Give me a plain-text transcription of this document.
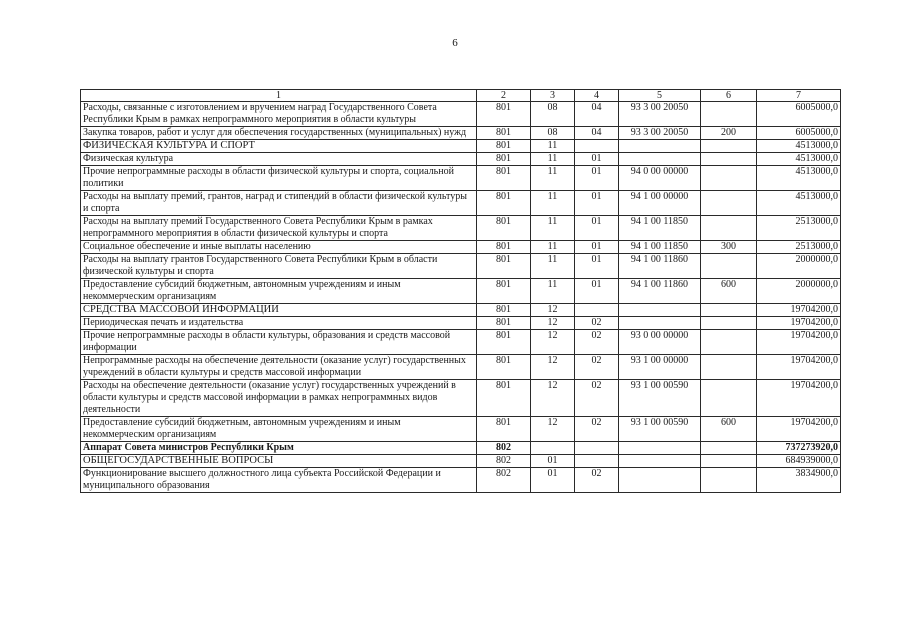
6
1	2	3	4	5	6	7
Расходы, связанные с изготовлением и вручением наград Государственного Совета Республики Крым в рамках непрограммного мероприятия в области культуры	801	08	04	93 3 00 20050		6005000,0
Закупка товаров, работ и услуг для обеспечения государственных (муниципальных) нужд	801	08	04	93 3 00 20050	200	6005000,0
ФИЗИЧЕСКАЯ КУЛЬТУРА И СПОРТ	801	11				4513000,0
Физическая культура	801	11	01			4513000,0
Прочие непрограммные расходы в области физической культуры и спорта, социальной политики	801	11	01	94 0 00 00000		4513000,0
Расходы на выплату премий, грантов, наград и стипендий в области физической культуры и спорта	801	11	01	94 1 00 00000		4513000,0
Расходы на выплату премий Государственного Совета Республики Крым в рамках непрограммного мероприятия в области физической культуры и спорта	801	11	01	94 1 00 11850		2513000,0
Социальное обеспечение и иные выплаты населению	801	11	01	94 1 00 11850	300	2513000,0
Расходы на выплату грантов Государственного Совета Республики Крым в области физической культуры и спорта	801	11	01	94 1 00 11860		2000000,0
Предоставление субсидий бюджетным, автономным учреждениям и иным некоммерческим организациям	801	11	01	94 1 00 11860	600	2000000,0
СРЕДСТВА МАССОВОЙ ИНФОРМАЦИИ	801	12				19704200,0
Периодическая печать и издательства	801	12	02			19704200,0
Прочие непрограммные расходы в области культуры, образования и средств массовой информации	801	12	02	93 0 00 00000		19704200,0
Непрограммные расходы на обеспечение деятельности (оказание услуг) государственных учреждений в области культуры и средств массовой информации	801	12	02	93 1 00 00000		19704200,0
Расходы на обеспечение деятельности (оказание услуг) государственных учреждений в области культуры и средств массовой информации в рамках непрограммных видов деятельности	801	12	02	93 1 00 00590		19704200,0
Предоставление субсидий бюджетным, автономным учреждениям и иным некоммерческим организациям	801	12	02	93 1 00 00590	600	19704200,0
Аппарат Совета министров Республики Крым	802					737273920,0
ОБЩЕГОСУДАРСТВЕННЫЕ ВОПРОСЫ	802	01				684939000,0
Функционирование высшего должностного лица субъекта Российской Федерации и муниципального образования	802	01	02			3834900,0
